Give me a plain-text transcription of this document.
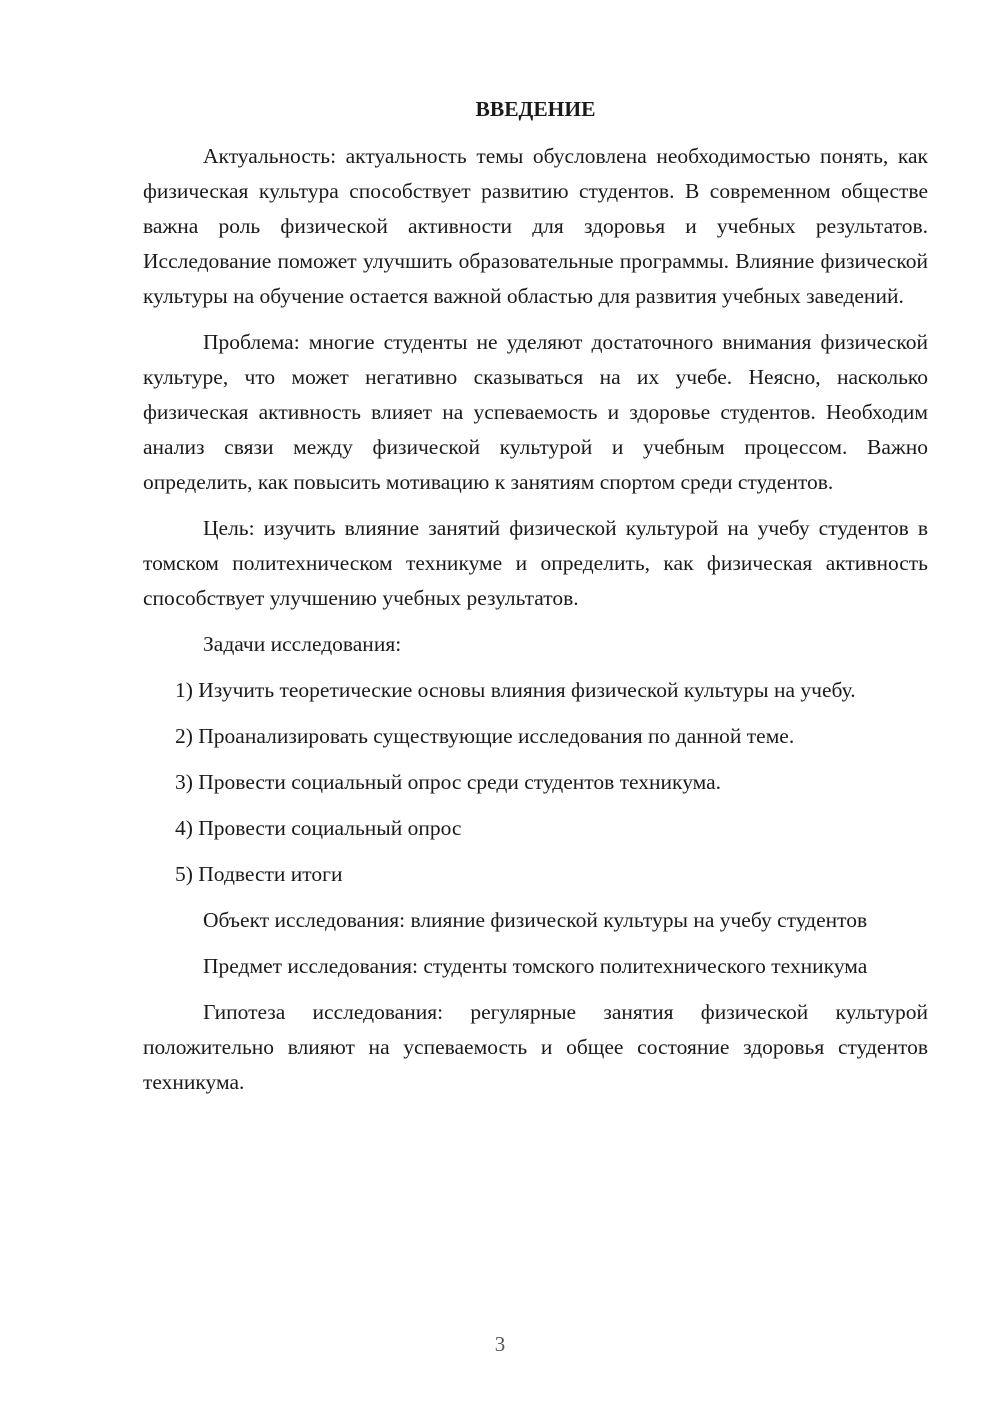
ВВЕДЕНИЕ

Актуальность: актуальность темы обусловлена необходимостью понять, как физическая культура способствует развитию студентов. В современном обществе важна роль физической активности для здоровья и учебных результатов. Исследование поможет улучшить образовательные программы. Влияние физической культуры на обучение остается важной областью для развития учебных заведений.

Проблема: многие студенты не уделяют достаточного внимания физической культуре, что может негативно сказываться на их учебе. Неясно, насколько физическая активность влияет на успеваемость и здоровье студентов. Необходим анализ связи между физической культурой и учебным процессом. Важно определить, как повысить мотивацию к занятиям спортом среди студентов.

Цель: изучить влияние занятий физической культурой на учебу студентов в томском политехническом техникуме и определить, как физическая активность способствует улучшению учебных результатов.

Задачи исследования:

1) Изучить теоретические основы влияния физической культуры на учебу.

2) Проанализировать существующие исследования по данной теме.

3) Провести социальный опрос среди студентов техникума.

4) Провести социальный опрос

5) Подвести итоги

Объект исследования: влияние физической культуры на учебу студентов

Предмет исследования: студенты томского политехнического техникума

Гипотеза исследования: регулярные занятия физической культурой положительно влияют на успеваемость и общее состояние здоровья студентов техникума.

3
